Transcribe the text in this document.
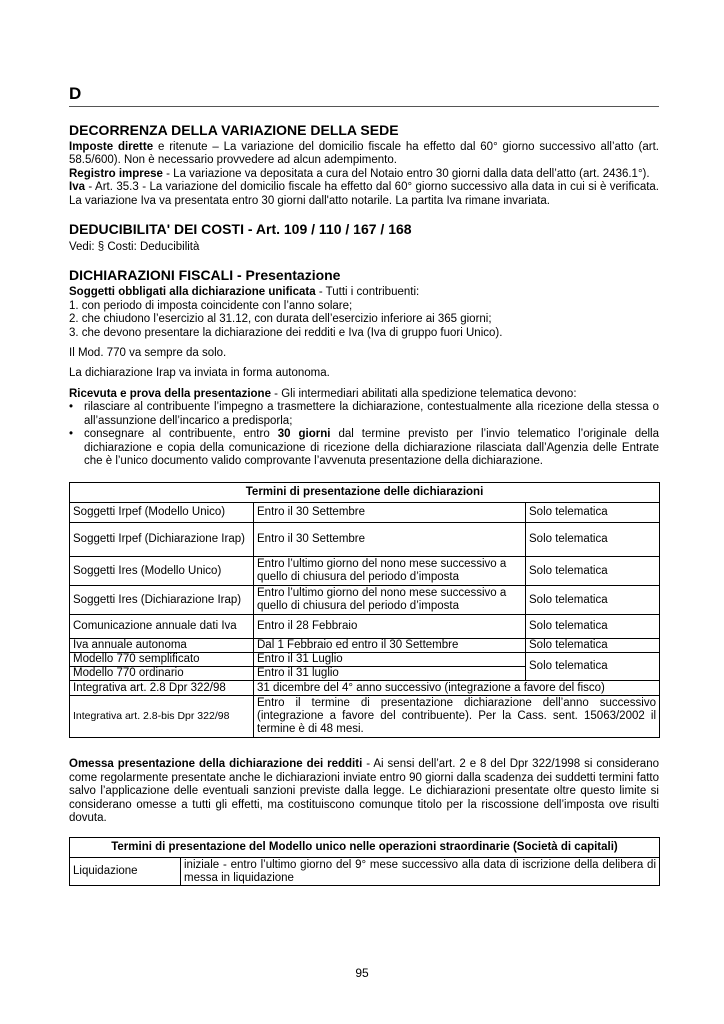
D
DECORRENZA DELLA VARIAZIONE DELLA SEDE

Imposte dirette e ritenute – La variazione del domicilio fiscale ha effetto dal 60° giorno successivo all’atto (art. 58.5/600). Non è necessario provvedere ad alcun adempimento.

Registro imprese - La variazione va depositata a cura del Notaio entro 30 giorni dalla data dell’atto (art. 2436.1°).

Iva - Art. 35.3 - La variazione del domicilio fiscale ha effetto dal 60° giorno successivo alla data in cui si è verificata. La variazione Iva va presentata entro 30 giorni dall'atto notarile. La partita Iva rimane invariata.

DEDUCIBILITA' DEI COSTI - Art. 109 / 110 / 167 / 168

Vedi: § Costi: Deducibilità

DICHIARAZIONI FISCALI - Presentazione

Soggetti obbligati alla dichiarazione unificata - Tutti i contribuenti:

1. con periodo di imposta coincidente con l’anno solare;

2. che chiudono l’esercizio al 31.12, con durata dell’esercizio inferiore ai 365 giorni;

3. che devono presentare la dichiarazione dei redditi e Iva (Iva di gruppo fuori Unico).

Il Mod. 770 va sempre da solo.

La dichiarazione Irap va inviata in forma autonoma.

Ricevuta e prova della presentazione - Gli intermediari abilitati alla spedizione telematica devono:

• rilasciare al contribuente l’impegno a trasmettere la dichiarazione, contestualmente alla ricezione della stessa o all’assunzione dell’incarico a predisporla;
• consegnare al contribuente, entro 30 giorni dal termine previsto per l’invio telematico l’originale della dichiarazione e copia della comunicazione di ricezione della dichiarazione rilasciata dall’Agenzia delle Entrate che è l’unico documento valido comprovante l’avvenuta presentazione della dichiarazione.
Termini di presentazione delle dichiarazioni		
Soggetti Irpef (Modello Unico)	Entro il 30 Settembre	Solo telematica
Soggetti Irpef (Dichiarazione Irap)	Entro il 30 Settembre	Solo telematica
Soggetti Ires (Modello Unico)	Entro l’ultimo giorno del nono mese successivo a quello di chiusura del periodo d’imposta	Solo telematica
Soggetti Ires (Dichiarazione Irap)	Entro l’ultimo giorno del nono mese successivo a quello di chiusura del periodo d’imposta	Solo telematica
Comunicazione annuale dati Iva	Entro il 28 Febbraio	Solo telematica
Iva annuale autonoma	Dal 1 Febbraio ed entro il 30 Settembre	Solo telematica
Modello 770 semplificato	Entro il 31 Luglio	Solo telematica
Modello 770 ordinario	Entro il 31 luglio	
Integrativa art. 2.8 Dpr 322/98	31 dicembre del 4° anno successivo (integrazione a favore del fisco)	
Integrativa art. 2.8-bis Dpr 322/98	Entro il termine di presentazione dichiarazione dell’anno successivo (integrazione a favore del contribuente). Per la Cass. sent. 15063/2002 il termine è di 48 mesi.	

Omessa presentazione della dichiarazione dei redditi - Ai sensi dell’art. 2 e 8 del Dpr 322/1998 si considerano come regolarmente presentate anche le dichiarazioni inviate entro 90 giorni dalla scadenza dei suddetti termini fatto salvo l’applicazione delle eventuali sanzioni previste dalla legge. Le dichiarazioni presentate oltre questo limite si considerano omesse a tutti gli effetti, ma costituiscono comunque titolo per la riscossione dell’imposta ove risulti dovuta.

Termini di presentazione del Modello unico nelle operazioni straordinarie (Società di capitali)
Liquidazione	iniziale - entro l’ultimo giorno del 9° mese successivo alla data di iscrizione della delibera di messa in liquidazione
95
